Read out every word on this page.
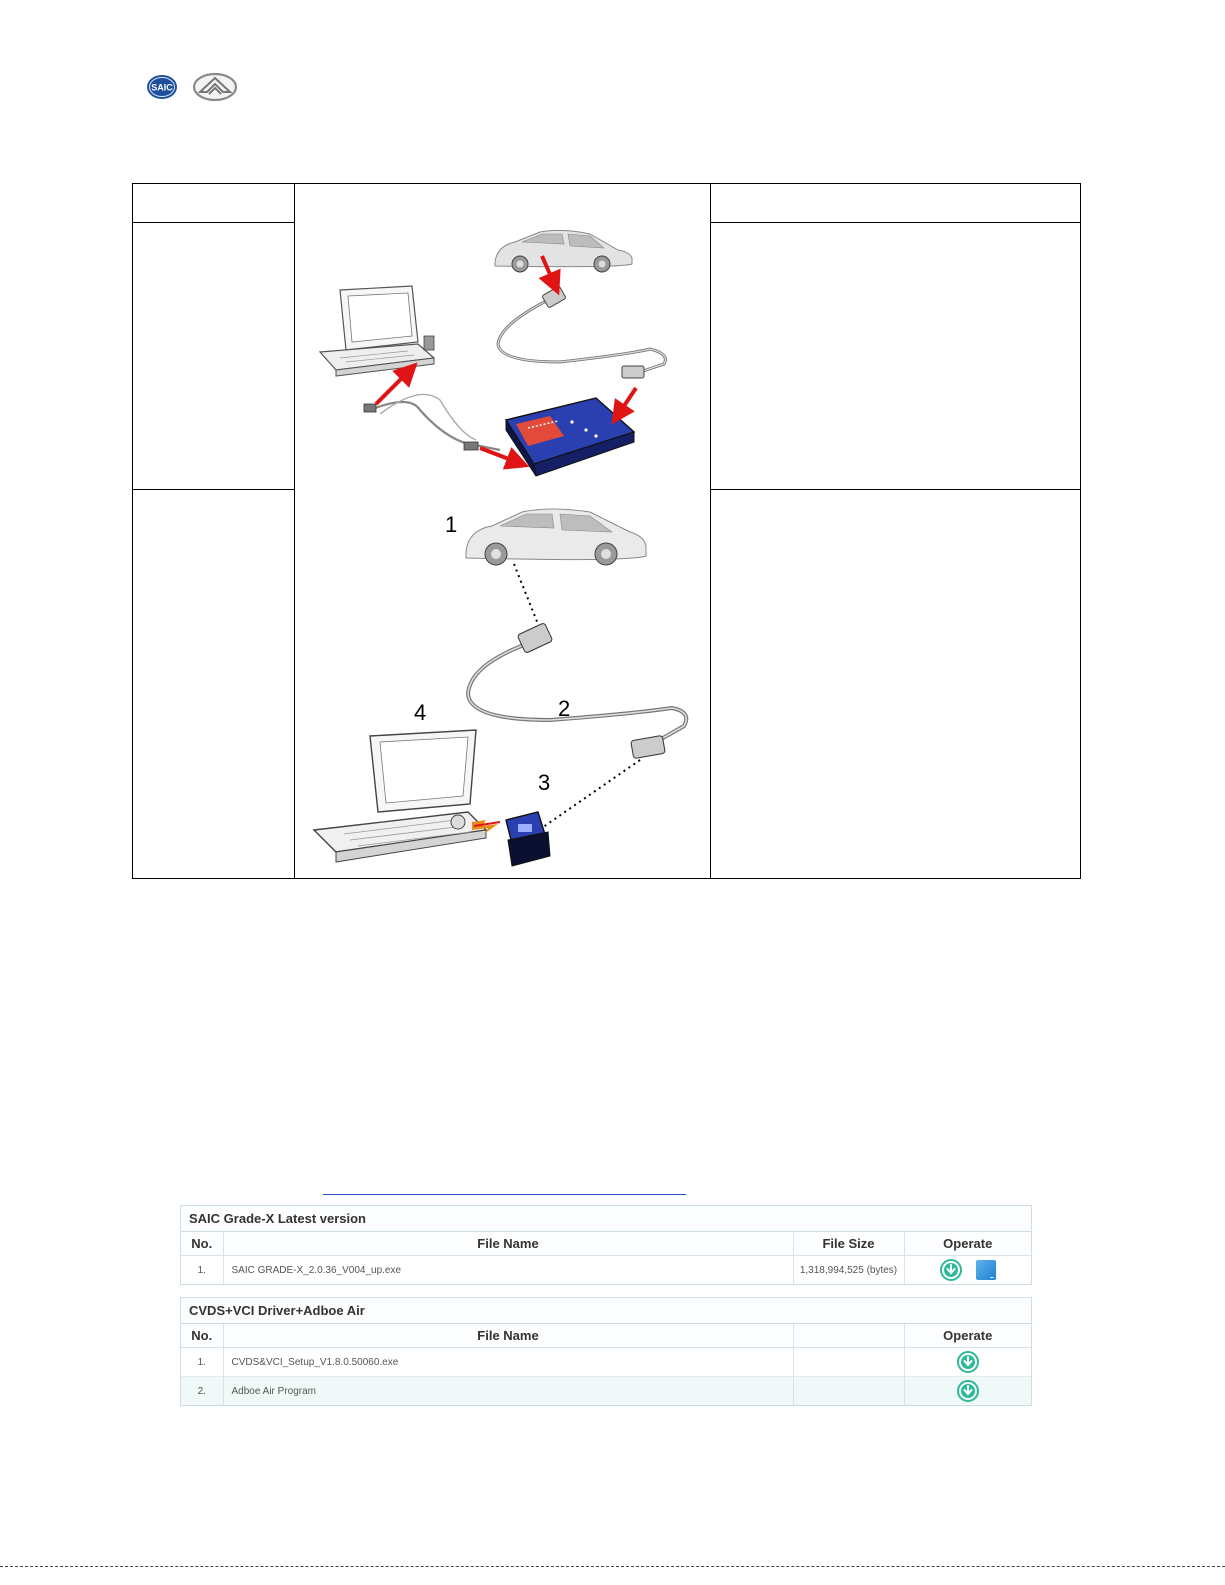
SAIC
1
2
3
4
SAIC Grade-X Latest version
No.	File Name	File Size	Operate
1.	SAIC GRADE-X_2.0.36_V004_up.exe	1,318,994,525 (bytes)	
CVDS+VCI Driver+Adboe Air
No.	File Name		Operate
1.	CVDS&VCI_Setup_V1.8.0.50060.exe		
2.	Adboe Air Program		
